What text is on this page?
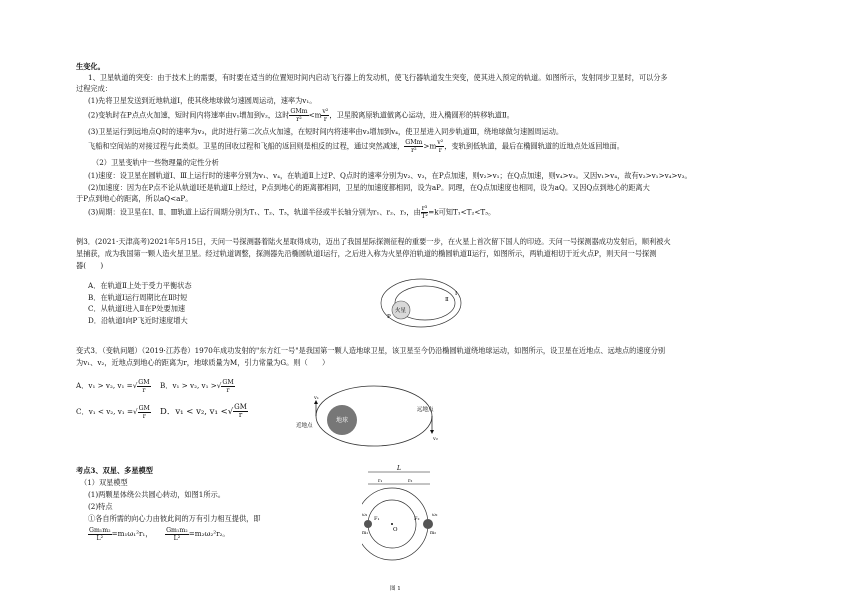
生变化。
1、卫星轨道的突变：由于技术上的需要，有时要在适当的位置短时间内启动飞行器上的发动机，使飞行器轨道发生突变，使其进入预定的轨道。如图所示，发射同步卫星时，可以分多
过程完成：
(1)先将卫星发送到近地轨道Ⅰ，使其绕地球做匀速圆周运动，速率为v₁。
(2)变轨时在P点点火加速，短时间内将速率由v₁增加到v₂，这时 $\frac{\text{GMm}}{\text{r²}} <m \frac{\text{v²}}{r}$ ，卫星脱离原轨道做离心运动，进入椭圆形的转移轨道Ⅱ。
(3)卫星运行到远地点Q时的速率为v₃，此时进行第二次点火加速，在短时间内将速率由v₃增加到v₄，使卫星进入同步轨道Ⅲ，绕地球做匀速圆周运动。
飞船和空间站的对接过程与此类似。卫星的回收过程和飞船的返回则是相反的过程，通过突然减速， $\frac{\text{GMm}}{\text{r²}} >m \frac{\text{v²}}{r}$ ，变轨到低轨道，最后在椭圆轨道的近地点处返回地面。
（2）卫星变轨中一些物理量的定性分析
(1)速度：设卫星在圆轨道Ⅰ、Ⅲ上运行时的速率分别为v₁、v₄，在轨道Ⅱ上过P、Q点时的速率分别为v₂、v₃，在P点加速，则v₂>v₁；在Q点加速，则v₄>v₃。又因v₁>v₄，故有v₂>v₁>v₄>v₃。
(2)加速度：因为在P点不论从轨道Ⅰ还是轨道Ⅱ上经过，P点到地心的距离都相同，卫星的加速度都相同，设为aP。同理，在Q点加速度也相同，设为aQ。又因Q点到地心的距离大
于P点到地心的距离，所以aQ<aP。
(3)周期：设卫星在Ⅰ、Ⅱ、Ⅲ轨道上运行周期分别为T₁、T₂、T₃，轨道半径或半长轴分别为r₁、r₂、r₃，由 $\frac{\text{r³}}{\text{T²}} =k$可知T₁<T₂<T₃。
例3．(2021·天津高考)2021年5月15日，天问一号探测器着陆火星取得成功，迈出了我国星际探测征程的重要一步，在火星上首次留下国人的印迹。天问一号探测器成功发射后，顺利被火
星捕获，成为我国第一颗人造火星卫星。经过轨道调整，探测器先沿椭圆轨道Ⅰ运行，之后进入称为火星停泊轨道的椭圆轨道Ⅱ运行，如图所示，两轨道相切于近火点P，则天问一号探测
器(　　)
A．在轨道Ⅱ上处于受力平衡状态
B．在轨道Ⅰ运行周期比在Ⅱ时短
C．从轨道Ⅰ进入Ⅱ在P处要加速
D．沿轨道Ⅰ向P飞近时速度增大
火星
P
Ⅰ
Ⅱ
变式3．（变轨问题）（2019·江苏卷）1970年成功发射的"东方红一号"是我国第一颗人造地球卫星，该卫星至今仍沿椭圆轨道绕地球运动，如图所示，设卫星在近地点、远地点的速度分别
为v₁、v₂，近地点到地心的距离为r，地球质量为M，引力常量为G。则（　　）
A．v₁ > v₂, v₁ =√ $\frac{GM}{r}$ B．v₁ > v₂, v₁ >√ $\frac{GM}{r}$
C．v₁ < v₂, v₁ =√ $\frac{GM}{r}$ D．v₁ < v₂, v₁ <√ $\frac{GM}{r}$
地球
v₁
近地点
v₂
远地点
考点3、双星、多星模型
（1）双星模型
(1)两颗星体绕公共圆心转动，如图1所示。
(2)特点
①各自所需的向心力由彼此间的万有引力相互提供，即
$\frac{\text{Gm₁m₂}}{\text{L²}} =m_1\omega_1^2r_1$， $\frac{\text{Gm₁m₂}}{\text{L²}} =m_2\omega_2^2r_2$。
L
r₁	r₂
O
F₁	F₂
m₁	m₂
ω₁	ω₂
图 1
